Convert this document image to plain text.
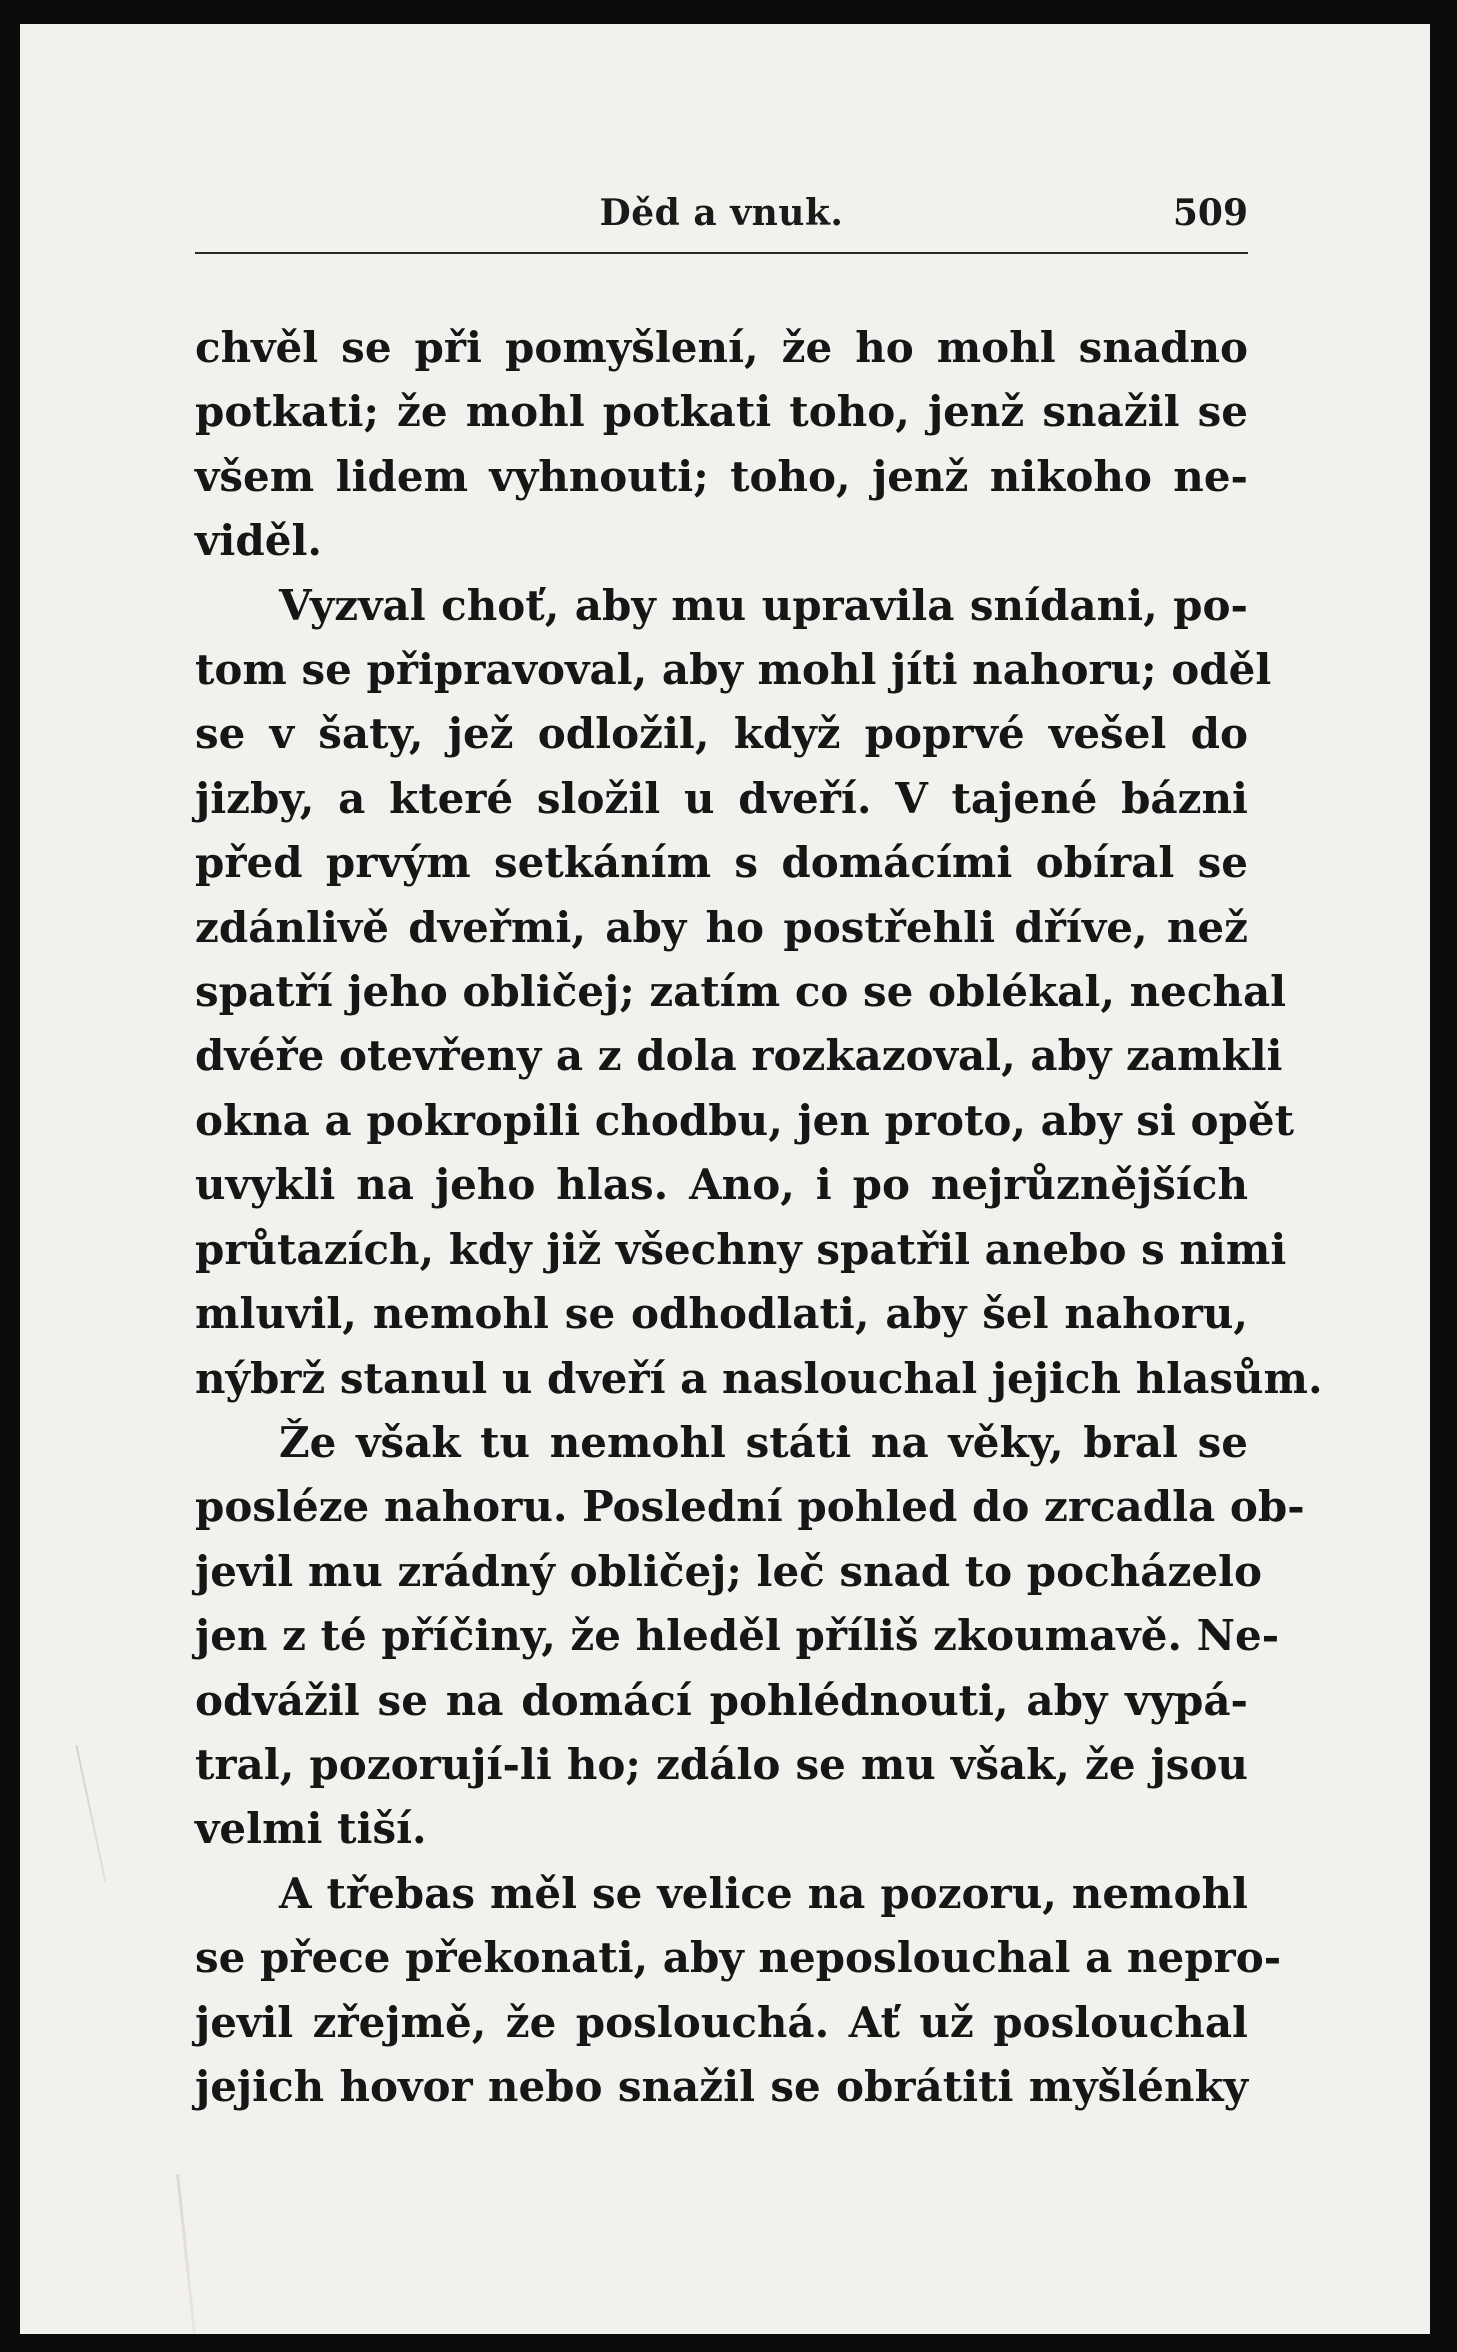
Děd a vnuk.	509
chvěl se při pomyšlení, že ho mohl snadno
potkati; že mohl potkati toho, jenž snažil se
všem lidem vyhnouti; toho, jenž nikoho ne-
viděl.
Vyzval choť, aby mu upravila snídani, po-
tom se připravoval, aby mohl jíti nahoru; oděl
se v šaty, jež odložil, když poprvé vešel do
jizby, a které složil u dveří. V tajené bázni
před prvým setkáním s domácími obíral se
zdánlivě dveřmi, aby ho postřehli dříve, než
spatří jeho obličej; zatím co se oblékal, nechal
dvéře otevřeny a z dola rozkazoval, aby zamkli
okna a pokropili chodbu, jen proto, aby si opět
uvykli na jeho hlas. Ano, i po nejrůznějších
průtazích, kdy již všechny spatřil anebo s nimi
mluvil, nemohl se odhodlati, aby šel nahoru,
nýbrž stanul u dveří a naslouchal jejich hlasům.
Že však tu nemohl státi na věky, bral se
posléze nahoru. Poslední pohled do zrcadla ob-
jevil mu zrádný obličej; leč snad to pocházelo
jen z té příčiny, že hleděl příliš zkoumavě. Ne-
odvážil se na domácí pohlédnouti, aby vypá-
tral, pozorují-li ho; zdálo se mu však, že jsou
velmi tiší.
A třebas měl se velice na pozoru, nemohl
se přece překonati, aby neposlouchal a nepro-
jevil zřejmě, že poslouchá. Ať už poslouchal
jejich hovor nebo snažil se obrátiti myšlénky
